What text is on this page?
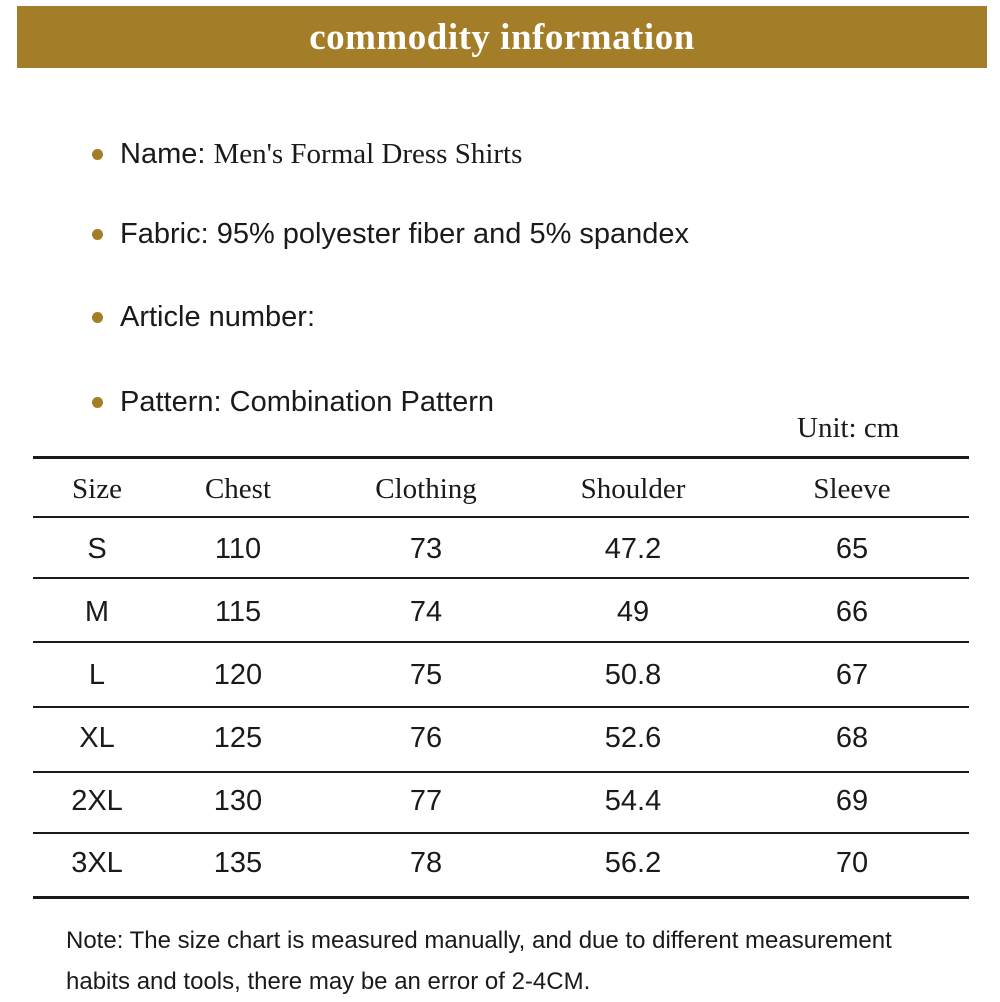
commodity information
Name: Men's Formal Dress Shirts
Fabric: 95% polyester fiber and 5% spandex
Article number:
Pattern: Combination Pattern
Unit: cm
Size	Chest	Clothing	Shoulder	Sleeve
S	110	73	47.2	65
M	115	74	49	66
L	120	75	50.8	67
XL	125	76	52.6	68
2XL	130	77	54.4	69
3XL	135	78	56.2	70
Note: The size chart is measured manually, and due to different measurement
habits and tools, there may be an error of 2-4CM.
